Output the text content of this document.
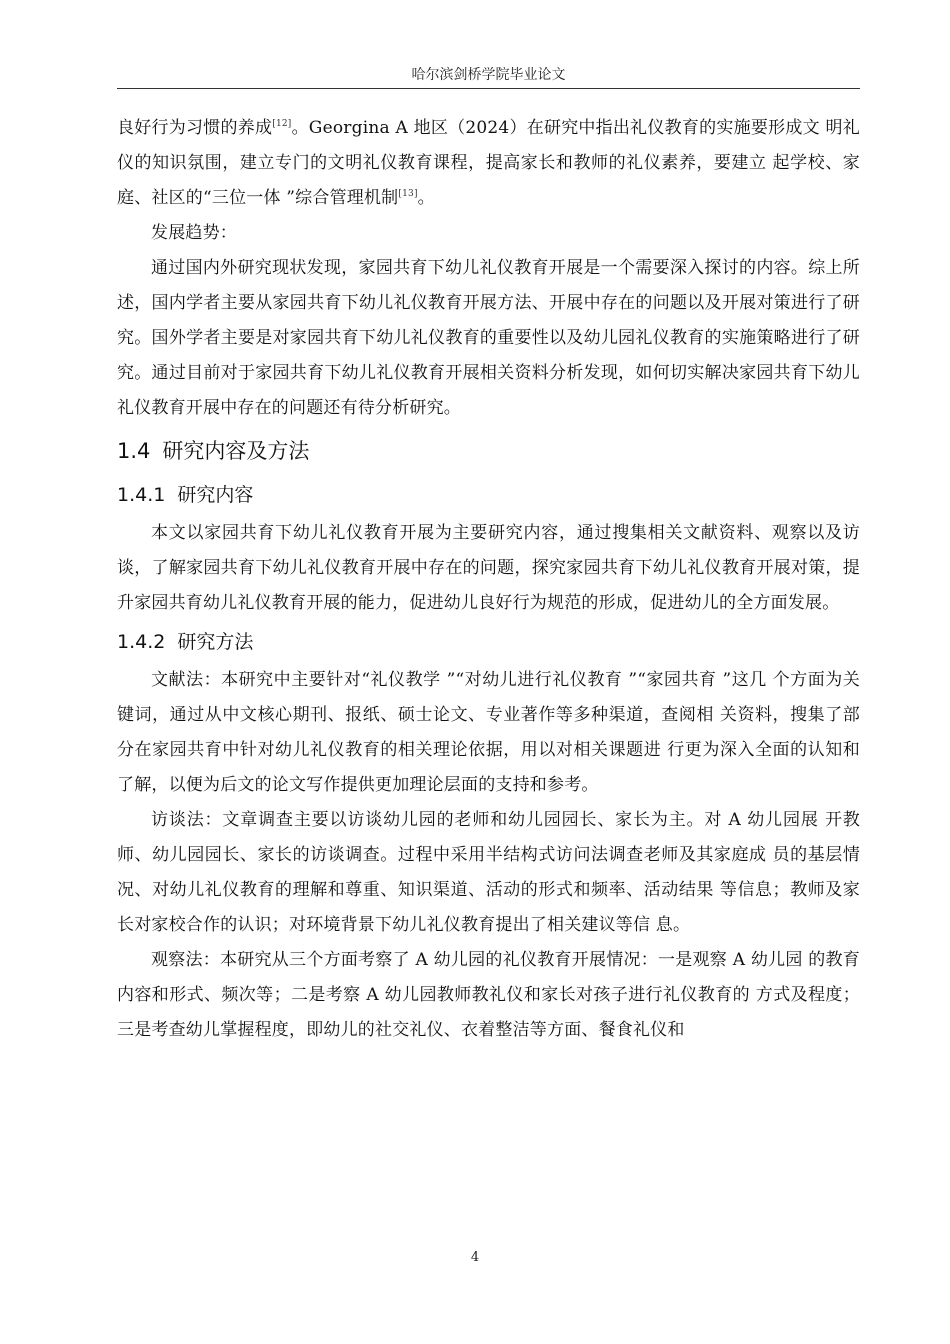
哈尔滨剑桥学院毕业论文

良好行为习惯的养成[12]。Georgina A 地区（2024）在研究中指出礼仪教育的实施要形成文 明礼仪的知识氛围，建立专门的文明礼仪教育课程，提高家长和教师的礼仪素养，要建立 起学校、家庭、社区的“三位一体 ”综合管理机制[13]。

发展趋势：

通过国内外研究现状发现，家园共育下幼儿礼仪教育开展是一个需要深入探讨的内容。综上所述，国内学者主要从家园共育下幼儿礼仪教育开展方法、开展中存在的问题以及开展对策进行了研究。国外学者主要是对家园共育下幼儿礼仪教育的重要性以及幼儿园礼仪教育的实施策略进行了研究。通过目前对于家园共育下幼儿礼仪教育开展相关资料分析发现，如何切实解决家园共育下幼儿礼仪教育开展中存在的问题还有待分析研究。

1.4 研究内容及方法
1.4.1 研究内容

本文以家园共育下幼儿礼仪教育开展为主要研究内容，通过搜集相关文献资料、观察以及访谈，了解家园共育下幼儿礼仪教育开展中存在的问题，探究家园共育下幼儿礼仪教育开展对策，提升家园共育幼儿礼仪教育开展的能力，促进幼儿良好行为规范的形成，促进幼儿的全方面发展。

1.4.2 研究方法

文献法：本研究中主要针对“礼仪教学 ”“对幼儿进行礼仪教育 ”“家园共育 ”这几 个方面为关键词，通过从中文核心期刊、报纸、硕士论文、专业著作等多种渠道，查阅相 关资料，搜集了部分在家园共育中针对幼儿礼仪教育的相关理论依据，用以对相关课题进 行更为深入全面的认知和了解，以便为后文的论文写作提供更加理论层面的支持和参考。

访谈法：文章调查主要以访谈幼儿园的老师和幼儿园园长、家长为主。对 A 幼儿园展 开教师、幼儿园园长、家长的访谈调查。过程中采用半结构式访问法调查老师及其家庭成 员的基层情况、对幼儿礼仪教育的理解和尊重、知识渠道、活动的形式和频率、活动结果 等信息；教师及家长对家校合作的认识；对环境背景下幼儿礼仪教育提出了相关建议等信 息。

观察法：本研究从三个方面考察了 A 幼儿园的礼仪教育开展情况：一是观察 A 幼儿园 的教育内容和形式、频次等；二是考察 A 幼儿园教师教礼仪和家长对孩子进行礼仪教育的 方式及程度；三是考查幼儿掌握程度，即幼儿的社交礼仪、衣着整洁等方面、餐食礼仪和

4
